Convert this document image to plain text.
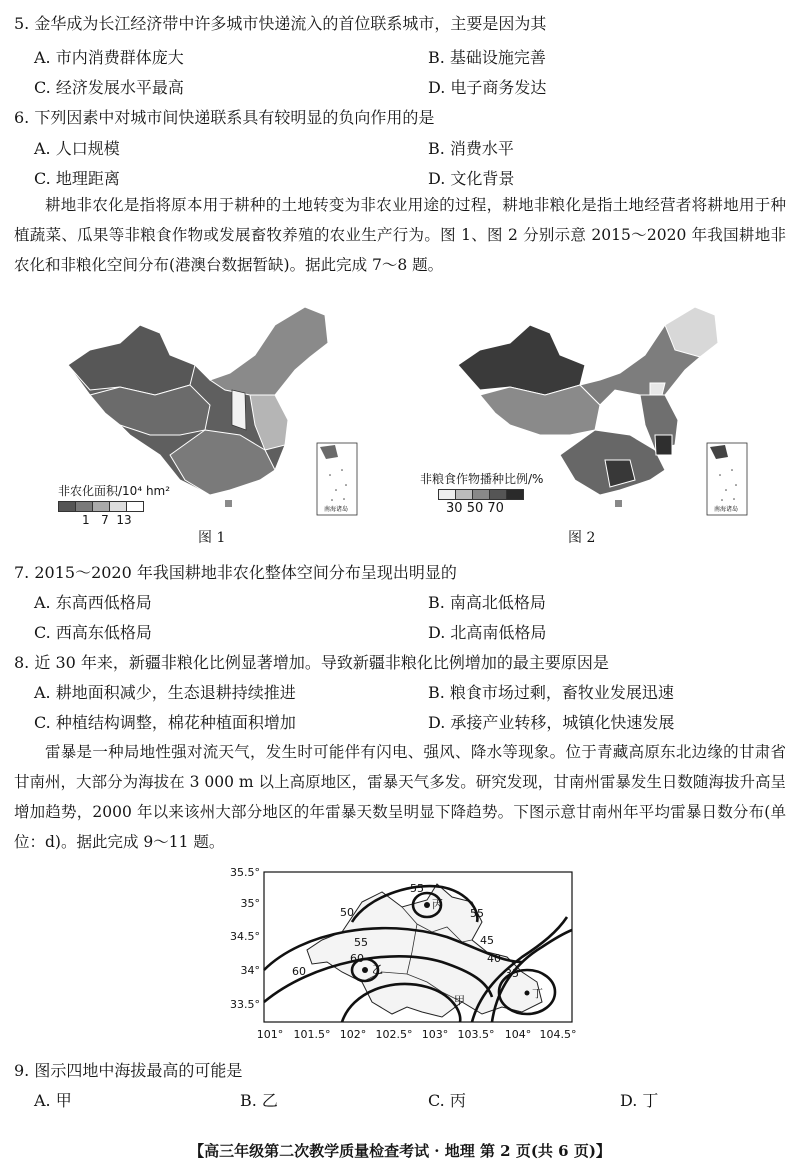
5. 金华成为长江经济带中许多城市快递流入的首位联系城市，主要是因为其
A. 市内消费群体庞大	B. 基础设施完善
C. 经济发展水平最高	D. 电子商务发达
6. 下列因素中对城市间快递联系具有较明显的负向作用的是
A. 人口规模	B. 消费水平
C. 地理距离	D. 文化背景
耕地非农化是指将原本用于耕种的土地转变为非农业用途的过程，耕地非粮化是指土地经营者将耕地用于种植蔬菜、瓜果等非粮食作物或发展畜牧养殖的农业生产行为。图 1、图 2 分别示意 2015～2020 年我国耕地非农化和非粮化空间分布(港澳台数据暂缺)。据此完成 7～8 题。
南海诸岛
非农化面积/10⁴ hm²
1 7 13
图 1
南海诸岛
非粮食作物播种比例/%
30 50 70
图 2
7. 2015～2020 年我国耕地非农化整体空间分布呈现出明显的
A. 东高西低格局	B. 南高北低格局
C. 西高东低格局	D. 北高南低格局
8. 近 30 年来，新疆非粮化比例显著增加。导致新疆非粮化比例增加的最主要原因是
A. 耕地面积减少，生态退耕持续推进	B. 粮食市场过剩，畜牧业发展迅速
C. 种植结构调整，棉花种植面积增加	D. 承接产业转移，城镇化快速发展
雷暴是一种局地性强对流天气，发生时可能伴有闪电、强风、降水等现象。位于青藏高原东北边缘的甘肃省甘南州，大部分为海拔在 3 000 m 以上高原地区，雷暴天气多发。研究发现，甘南州雷暴发生日数随海拔升高呈增加趋势，2000 年以来该州大部分地区的年雷暴天数呈明显下降趋势。下图示意甘南州年平均雷暴日数分布(单位：d)。据此完成 9～11 题。
60
55
50
45
40
35
55
60
55
甲
乙
丙
丁
35.5°
35°
34.5°
34°
33.5°
101° 101.5° 102° 102.5° 103° 103.5° 104° 104.5°
9. 图示四地中海拔最高的可能是
A. 甲	B. 乙	C. 丙	D. 丁
【高三年级第二次教学质量检查考试 · 地理 第 2 页(共 6 页)】
